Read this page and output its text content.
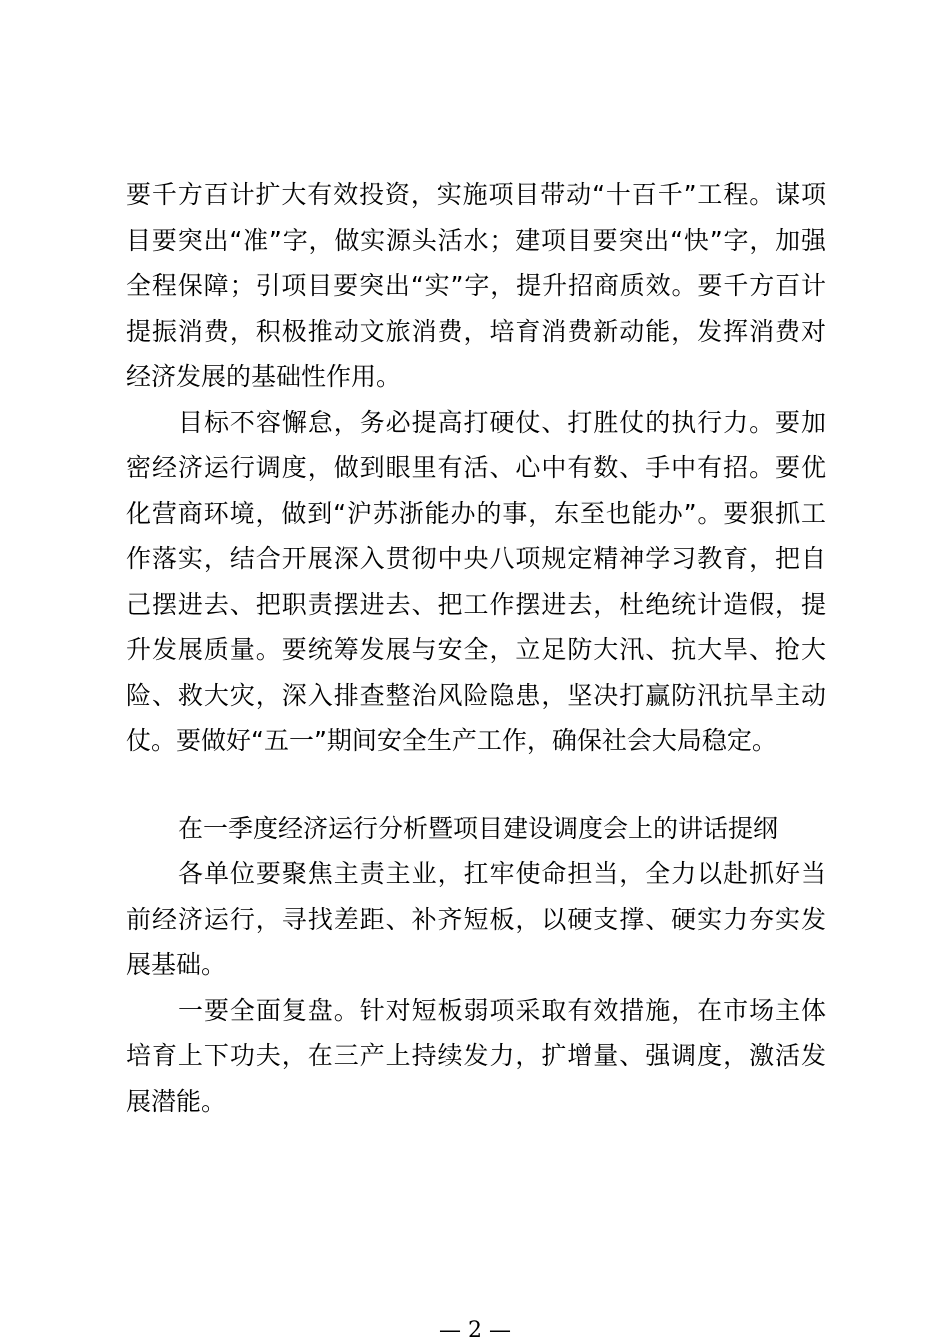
要千方百计扩大有效投资，实施项目带动“十百千”工程。谋项
目要突出“准”字，做实源头活水；建项目要突出“快”字，加强
全程保障；引项目要突出“实”字，提升招商质效。要千方百计
提振消费，积极推动文旅消费，培育消费新动能，发挥消费对
经济发展的基础性作用。
目标不容懈怠，务必提高打硬仗、打胜仗的执行力。要加
密经济运行调度，做到眼里有活、心中有数、手中有招。要优
化营商环境，做到“沪苏浙能办的事，东至也能办”。要狠抓工
作落实，结合开展深入贯彻中央八项规定精神学习教育，把自
己摆进去、把职责摆进去、把工作摆进去，杜绝统计造假，提
升发展质量。要统筹发展与安全，立足防大汛、抗大旱、抢大
险、救大灾，深入排查整治风险隐患，坚决打赢防汛抗旱主动
仗。要做好“五一”期间安全生产工作，确保社会大局稳定。
在一季度经济运行分析暨项目建设调度会上的讲话提纲
各单位要聚焦主责主业，扛牢使命担当，全力以赴抓好当
前经济运行，寻找差距、补齐短板，以硬支撑、硬实力夯实发
展基础。
一要全面复盘。针对短板弱项采取有效措施，在市场主体
培育上下功夫，在三产上持续发力，扩增量、强调度，激活发
展潜能。
— 2 —
